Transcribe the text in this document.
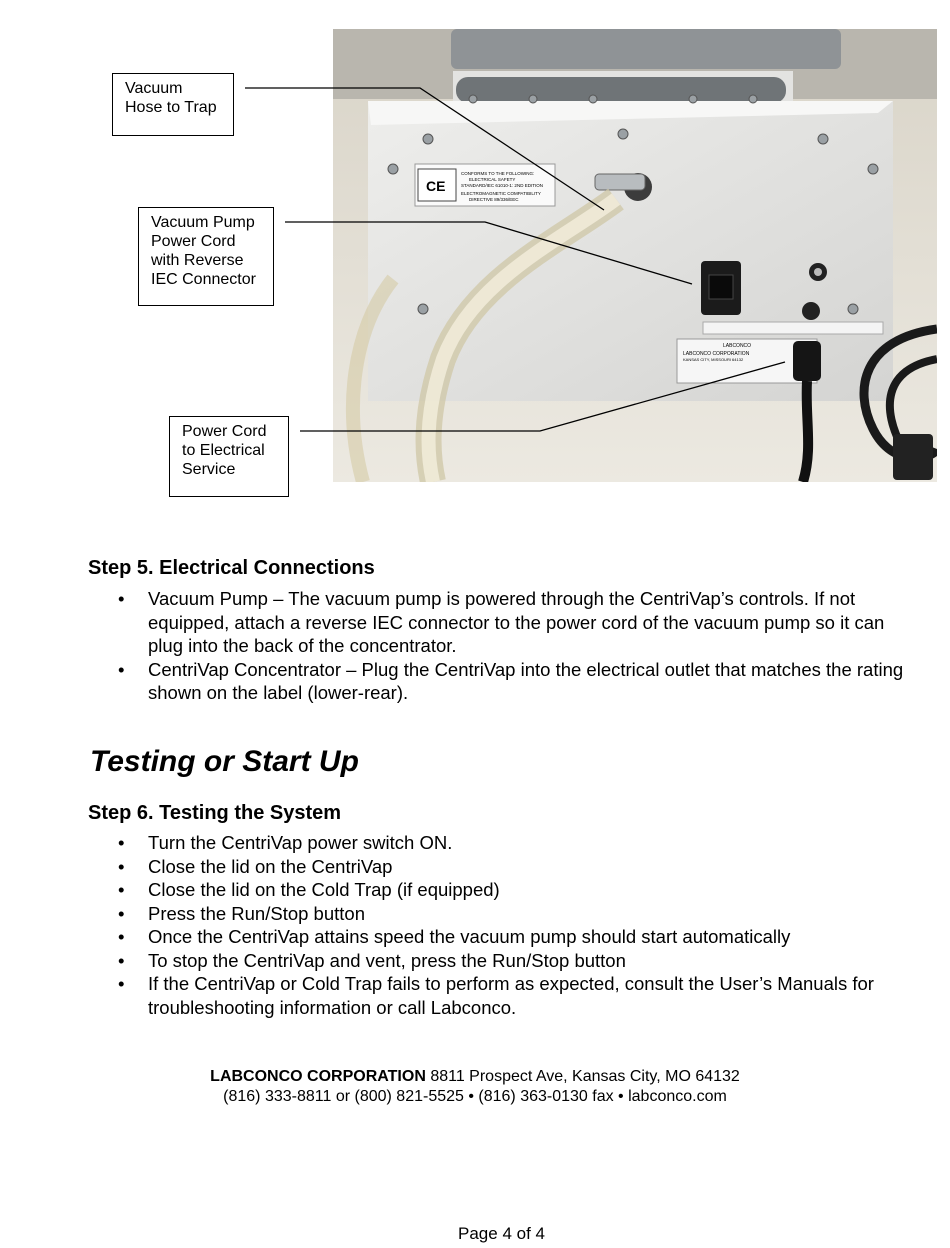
CE
CONFORMS TO THE FOLLOWING:
ELECTRICAL SAFETY
STANDARD/IEC 61010-1: 2ND EDITION
ELECTROMAGNETIC COMPATIBILITY
DIRECTIVE 89/336/EEC
LABCONCO
LABCONCO CORPORATION
KANSAS CITY, MISSOURI 64132
Vacuum
Hose to Trap
Vacuum Pump
Power Cord
with Reverse
IEC Connector
Power Cord
to Electrical
Service
Step 5. Electrical Connections
• Vacuum Pump – The vacuum pump is powered through the CentriVap’s controls. If not equipped, attach a reverse IEC connector to the power cord of the vacuum pump so it can plug into the back of the concentrator.
• CentriVap Concentrator – Plug the CentriVap into the electrical outlet that matches the rating shown on the label (lower-rear).
Testing or Start Up
Step 6. Testing the System
• Turn the CentriVap power switch ON.
• Close the lid on the CentriVap
• Close the lid on the Cold Trap (if equipped)
• Press the Run/Stop button
• Once the CentriVap attains speed the vacuum pump should start automatically
• To stop the CentriVap and vent, press the Run/Stop button
• If the CentriVap or Cold Trap fails to perform as expected, consult the User’s Manuals for troubleshooting information or call Labconco.
LABCONCO CORPORATION 8811 Prospect Ave, Kansas City, MO 64132
(816) 333-8811 or (800) 821-5525 • (816) 363-0130 fax • labconco.com
Page 4 of 4
